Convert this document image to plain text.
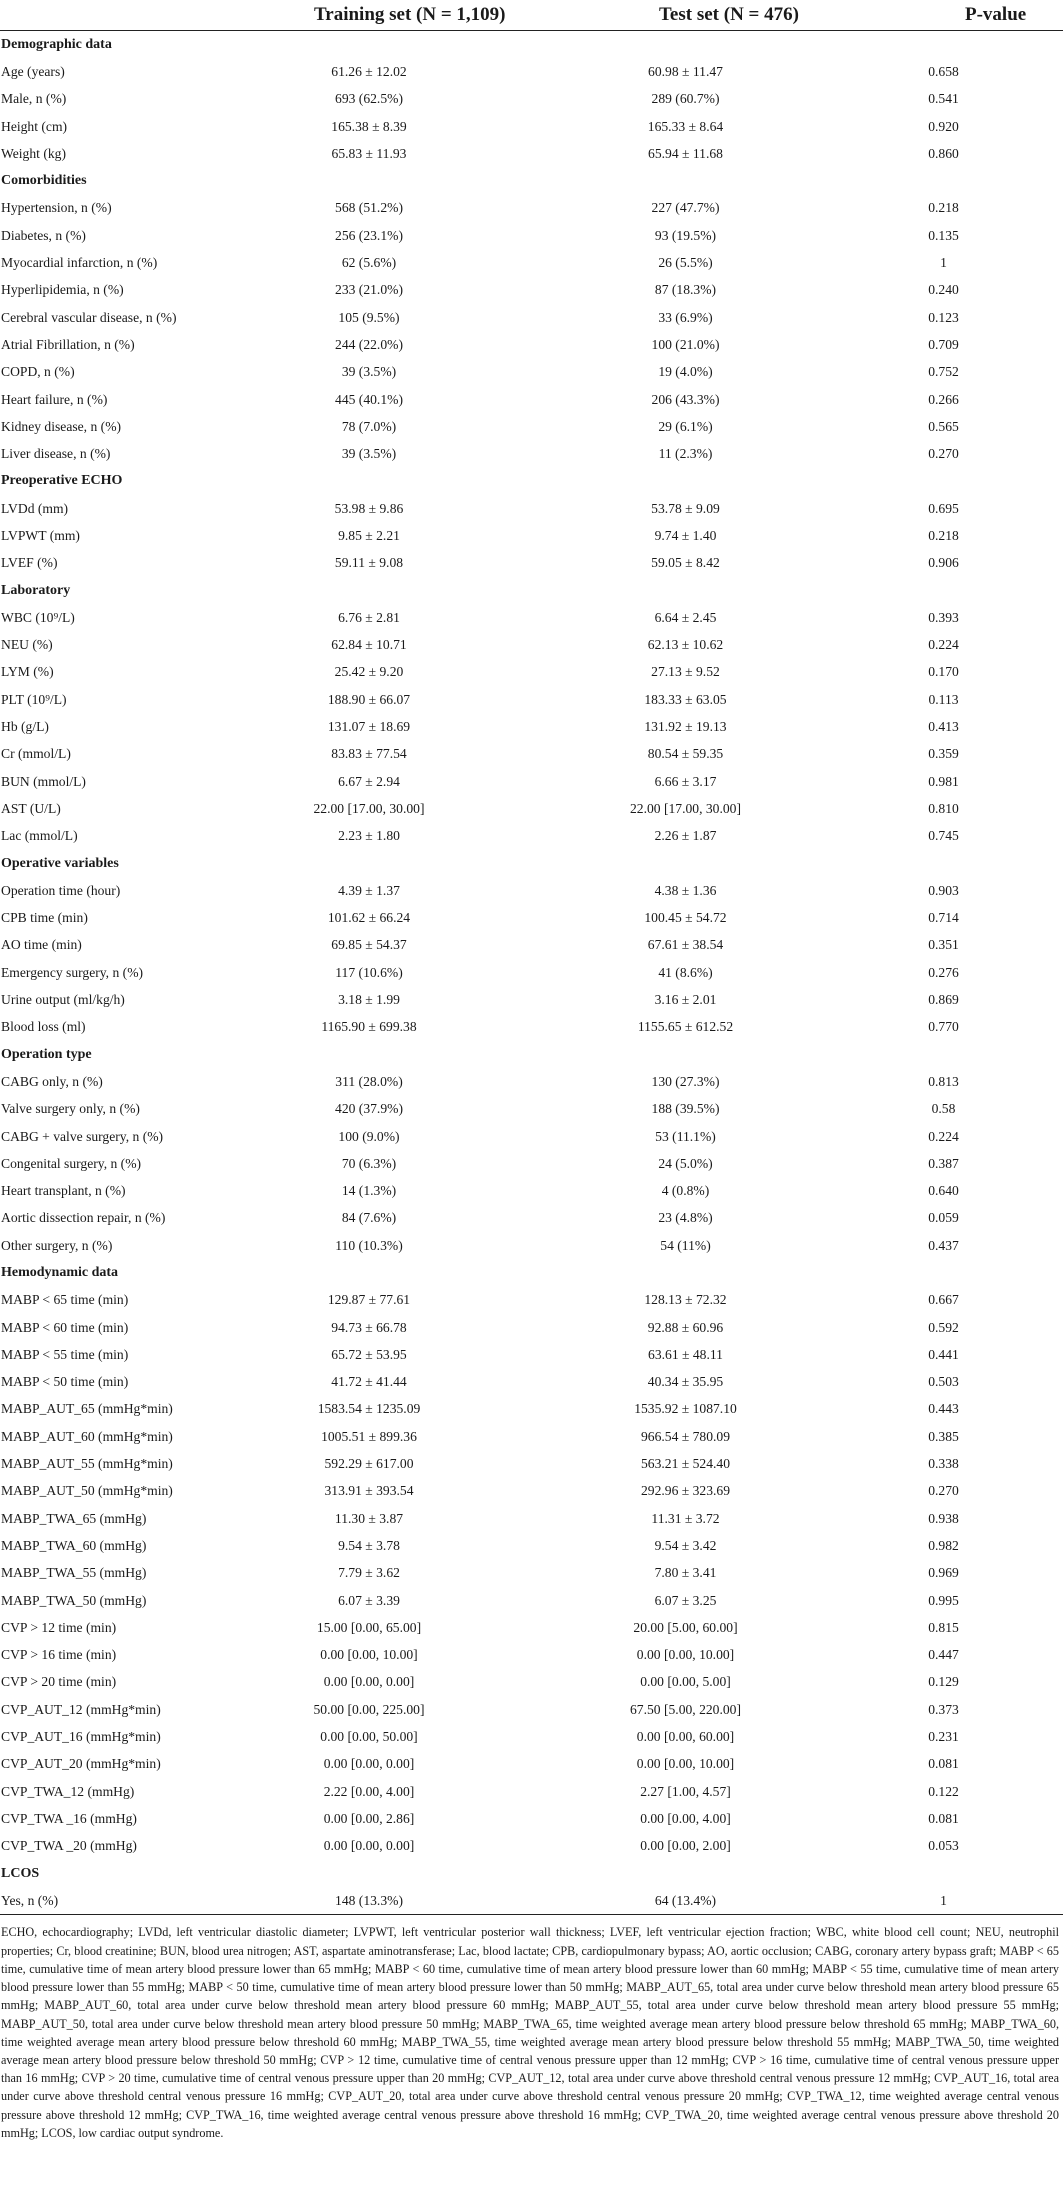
	Training set (N = 1,109)	Test set (N = 476)	P-value
Demographic data			
Age (years)	61.26 ± 12.02	60.98 ± 11.47	0.658
Male, n (%)	693 (62.5%)	289 (60.7%)	0.541
Height (cm)	165.38 ± 8.39	165.33 ± 8.64	0.920
Weight (kg)	65.83 ± 11.93	65.94 ± 11.68	0.860
Comorbidities			
Hypertension, n (%)	568 (51.2%)	227 (47.7%)	0.218
Diabetes, n (%)	256 (23.1%)	93 (19.5%)	0.135
Myocardial infarction, n (%)	62 (5.6%)	26 (5.5%)	1
Hyperlipidemia, n (%)	233 (21.0%)	87 (18.3%)	0.240
Cerebral vascular disease, n (%)	105 (9.5%)	33 (6.9%)	0.123
Atrial Fibrillation, n (%)	244 (22.0%)	100 (21.0%)	0.709
COPD, n (%)	39 (3.5%)	19 (4.0%)	0.752
Heart failure, n (%)	445 (40.1%)	206 (43.3%)	0.266
Kidney disease, n (%)	78 (7.0%)	29 (6.1%)	0.565
Liver disease, n (%)	39 (3.5%)	11 (2.3%)	0.270
Preoperative ECHO			
LVDd (mm)	53.98 ± 9.86	53.78 ± 9.09	0.695
LVPWT (mm)	9.85 ± 2.21	9.74 ± 1.40	0.218
LVEF (%)	59.11 ± 9.08	59.05 ± 8.42	0.906
Laboratory			
WBC (10⁹/L)	6.76 ± 2.81	6.64 ± 2.45	0.393
NEU (%)	62.84 ± 10.71	62.13 ± 10.62	0.224
LYM (%)	25.42 ± 9.20	27.13 ± 9.52	0.170
PLT (10⁹/L)	188.90 ± 66.07	183.33 ± 63.05	0.113
Hb (g/L)	131.07 ± 18.69	131.92 ± 19.13	0.413
Cr (mmol/L)	83.83 ± 77.54	80.54 ± 59.35	0.359
BUN (mmol/L)	6.67 ± 2.94	6.66 ± 3.17	0.981
AST (U/L)	22.00 [17.00, 30.00]	22.00 [17.00, 30.00]	0.810
Lac (mmol/L)	2.23 ± 1.80	2.26 ± 1.87	0.745
Operative variables			
Operation time (hour)	4.39 ± 1.37	4.38 ± 1.36	0.903
CPB time (min)	101.62 ± 66.24	100.45 ± 54.72	0.714
AO time (min)	69.85 ± 54.37	67.61 ± 38.54	0.351
Emergency surgery, n (%)	117 (10.6%)	41 (8.6%)	0.276
Urine output (ml/kg/h)	3.18 ± 1.99	3.16 ± 2.01	0.869
Blood loss (ml)	1165.90 ± 699.38	1155.65 ± 612.52	0.770
Operation type			
CABG only, n (%)	311 (28.0%)	130 (27.3%)	0.813
Valve surgery only, n (%)	420 (37.9%)	188 (39.5%)	0.58
CABG + valve surgery, n (%)	100 (9.0%)	53 (11.1%)	0.224
Congenital surgery, n (%)	70 (6.3%)	24 (5.0%)	0.387
Heart transplant, n (%)	14 (1.3%)	4 (0.8%)	0.640
Aortic dissection repair, n (%)	84 (7.6%)	23 (4.8%)	0.059
Other surgery, n (%)	110 (10.3%)	54 (11%)	0.437
Hemodynamic data			
MABP < 65 time (min)	129.87 ± 77.61	128.13 ± 72.32	0.667
MABP < 60 time (min)	94.73 ± 66.78	92.88 ± 60.96	0.592
MABP < 55 time (min)	65.72 ± 53.95	63.61 ± 48.11	0.441
MABP < 50 time (min)	41.72 ± 41.44	40.34 ± 35.95	0.503
MABP_AUT_65 (mmHg*min)	1583.54 ± 1235.09	1535.92 ± 1087.10	0.443
MABP_AUT_60 (mmHg*min)	1005.51 ± 899.36	966.54 ± 780.09	0.385
MABP_AUT_55 (mmHg*min)	592.29 ± 617.00	563.21 ± 524.40	0.338
MABP_AUT_50 (mmHg*min)	313.91 ± 393.54	292.96 ± 323.69	0.270
MABP_TWA_65 (mmHg)	11.30 ± 3.87	11.31 ± 3.72	0.938
MABP_TWA_60 (mmHg)	9.54 ± 3.78	9.54 ± 3.42	0.982
MABP_TWA_55 (mmHg)	7.79 ± 3.62	7.80 ± 3.41	0.969
MABP_TWA_50 (mmHg)	6.07 ± 3.39	6.07 ± 3.25	0.995
CVP > 12 time (min)	15.00 [0.00, 65.00]	20.00 [5.00, 60.00]	0.815
CVP > 16 time (min)	0.00 [0.00, 10.00]	0.00 [0.00, 10.00]	0.447
CVP > 20 time (min)	0.00 [0.00, 0.00]	0.00 [0.00, 5.00]	0.129
CVP_AUT_12 (mmHg*min)	50.00 [0.00, 225.00]	67.50 [5.00, 220.00]	0.373
CVP_AUT_16 (mmHg*min)	0.00 [0.00, 50.00]	0.00 [0.00, 60.00]	0.231
CVP_AUT_20 (mmHg*min)	0.00 [0.00, 0.00]	0.00 [0.00, 10.00]	0.081
CVP_TWA_12 (mmHg)	2.22 [0.00, 4.00]	2.27 [1.00, 4.57]	0.122
CVP_TWA _16 (mmHg)	0.00 [0.00, 2.86]	0.00 [0.00, 4.00]	0.081
CVP_TWA _20 (mmHg)	0.00 [0.00, 0.00]	0.00 [0.00, 2.00]	0.053
LCOS			
Yes, n (%)	148 (13.3%)	64 (13.4%)	1
ECHO, echocardiography; LVDd, left ventricular diastolic diameter; LVPWT, left ventricular posterior wall thickness; LVEF, left ventricular ejection fraction; WBC, white blood cell count; NEU, neutrophil properties; Cr, blood creatinine; BUN, blood urea nitrogen; AST, aspartate aminotransferase; Lac, blood lactate; CPB, cardiopulmonary bypass; AO, aortic occlusion; CABG, coronary artery bypass graft; MABP < 65 time, cumulative time of mean artery blood pressure lower than 65 mmHg; MABP < 60 time, cumulative time of mean artery blood pressure lower than 60 mmHg; MABP < 55 time, cumulative time of mean artery blood pressure lower than 55 mmHg; MABP < 50 time, cumulative time of mean artery blood pressure lower than 50 mmHg; MABP_AUT_65, total area under curve below threshold mean artery blood pressure 65 mmHg; MABP_AUT_60, total area under curve below threshold mean artery blood pressure 60 mmHg; MABP_AUT_55, total area under curve below threshold mean artery blood pressure 55 mmHg; MABP_AUT_50, total area under curve below threshold mean artery blood pressure 50 mmHg; MABP_TWA_65, time weighted average mean artery blood pressure below threshold 65 mmHg; MABP_TWA_60, time weighted average mean artery blood pressure below threshold 60 mmHg; MABP_TWA_55, time weighted average mean artery blood pressure below threshold 55 mmHg; MABP_TWA_50, time weighted average mean artery blood pressure below threshold 50 mmHg; CVP > 12 time, cumulative time of central venous pressure upper than 12 mmHg; CVP > 16 time, cumulative time of central venous pressure upper than 16 mmHg; CVP > 20 time, cumulative time of central venous pressure upper than 20 mmHg; CVP_AUT_12, total area under curve above threshold central venous pressure 12 mmHg; CVP_AUT_16, total area under curve above threshold central venous pressure 16 mmHg; CVP_AUT_20, total area under curve above threshold central venous pressure 20 mmHg; CVP_TWA_12, time weighted average central venous pressure above threshold 12 mmHg; CVP_TWA_16, time weighted average central venous pressure above threshold 16 mmHg; CVP_TWA_20, time weighted average central venous pressure above threshold 20 mmHg; LCOS, low cardiac output syndrome.
